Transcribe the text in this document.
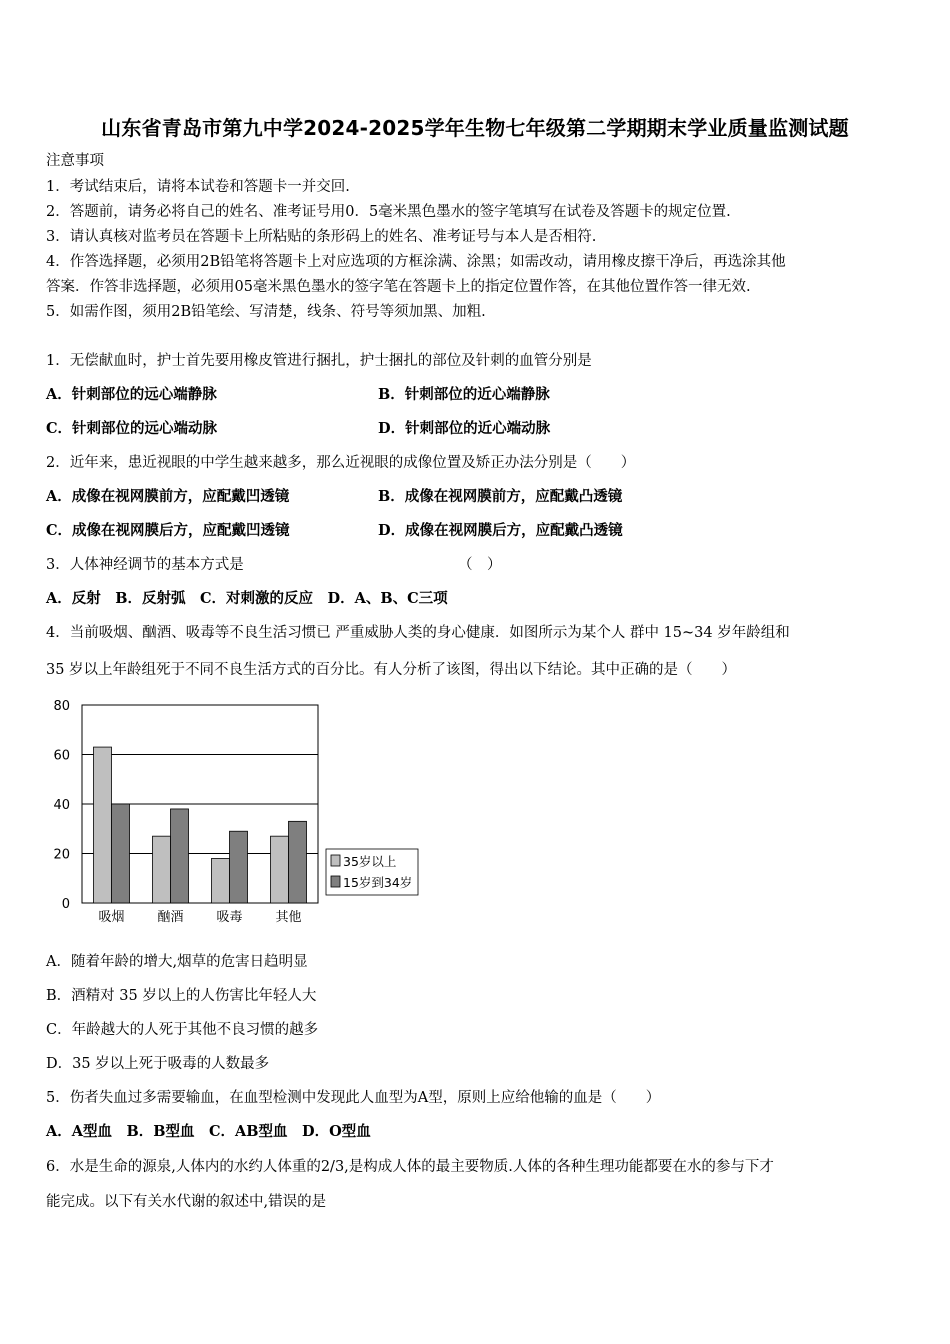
山东省青岛市第九中学2024-2025学年生物七年级第二学期期末学业质量监测试题
注意事项
1．考试结束后，请将本试卷和答题卡一并交回.
2．答题前，请务必将自己的姓名、准考证号用0．5毫米黑色墨水的签字笔填写在试卷及答题卡的规定位置.
3．请认真核对监考员在答题卡上所粘贴的条形码上的姓名、准考证号与本人是否相符.
4．作答选择题，必须用2B铅笔将答题卡上对应选项的方框涂满、涂黑；如需改动，请用橡皮擦干净后，再选涂其他
答案．作答非选择题，必须用05毫米黑色墨水的签字笔在答题卡上的指定位置作答，在其他位置作答一律无效.
5．如需作图，须用2B铅笔绘、写清楚，线条、符号等须加黑、加粗.
1．无偿献血时，护士首先要用橡皮管进行捆扎，护士捆扎的部位及针刺的血管分别是
A．针刺部位的远心端静脉	B．针刺部位的近心端静脉
C．针刺部位的远心端动脉	D．针刺部位的近心端动脉
2．近年来，患近视眼的中学生越来越多，那么近视眼的成像位置及矫正办法分别是（　　）
A．成像在视网膜前方，应配戴凹透镜	B．成像在视网膜前方，应配戴凸透镜
C．成像在视网膜后方，应配戴凹透镜	D．成像在视网膜后方，应配戴凸透镜
3．人体神经调节的基本方式是	（　）
A．反射　B．反射弧　C．对刺激的反应　D．A、B、C三项
4．当前吸烟、酗酒、吸毒等不良生活习惯已 严重威胁人类的身心健康．如图所示为某个人 群中 15~34 岁年龄组和
35 岁以上年龄组死于不同不良生活方式的百分比。有人分析了该图，得出以下结论。其中正确的是（　　）
0
20
40
60
80
吸烟	酗酒	吸毒	其他
35岁以上
15岁到34岁
A．随着年龄的增大,烟草的危害日趋明显
B．酒精对 35 岁以上的人伤害比年轻人大
C．年龄越大的人死于其他不良习惯的越多
D．35 岁以上死于吸毒的人数最多
5．伤者失血过多需要输血，在血型检测中发现此人血型为A型，原则上应给他输的血是（　　）
A．A型血　B．B型血　C．AB型血　D．O型血
6．水是生命的源泉,人体内的水约人体重的2/3,是构成人体的最主要物质.人体的各种生理功能都要在水的参与下才
能完成。以下有关水代谢的叙述中,错误的是
